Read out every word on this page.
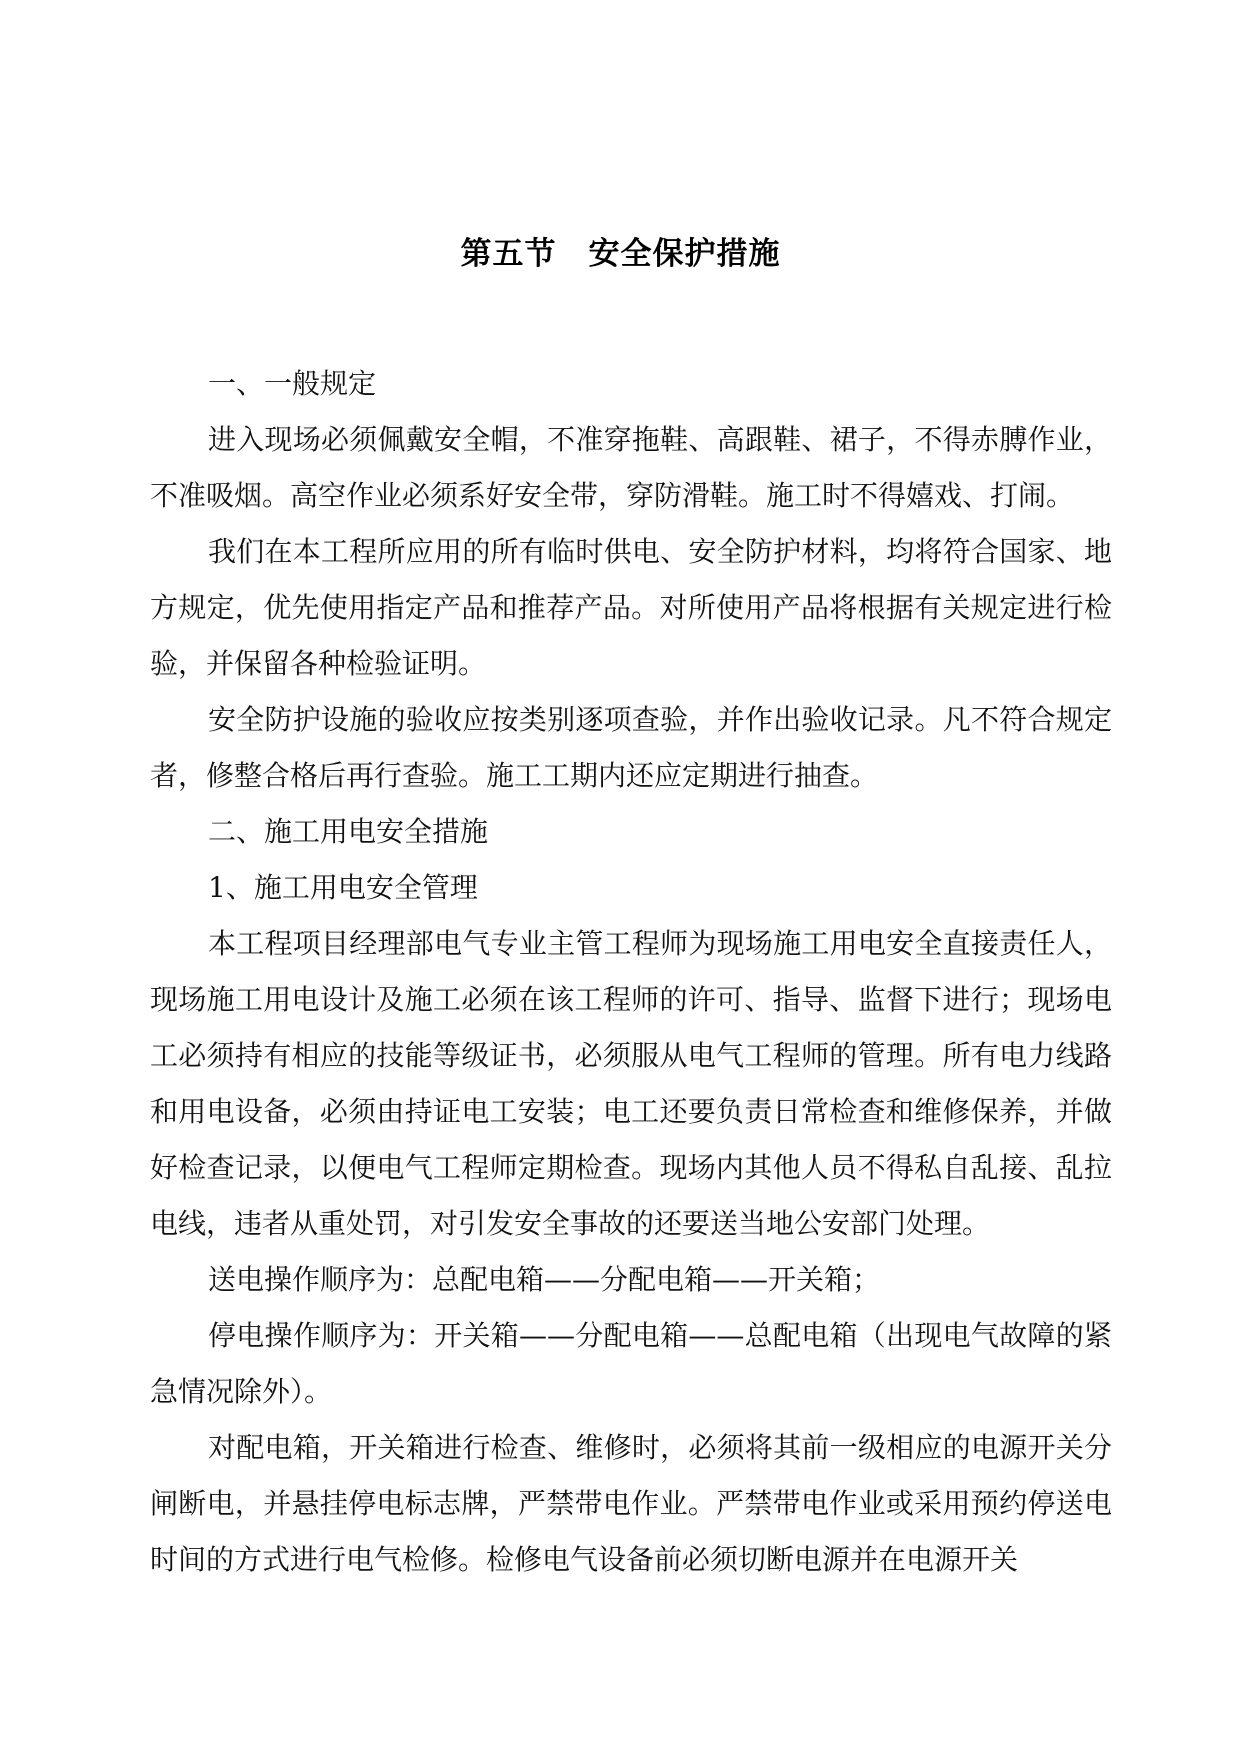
第五节　安全保护措施

一、一般规定

进入现场必须佩戴安全帽，不准穿拖鞋、高跟鞋、裙子，不得赤膊作业，不准吸烟。高空作业必须系好安全带，穿防滑鞋。施工时不得嬉戏、打闹。

我们在本工程所应用的所有临时供电、安全防护材料，均将符合国家、地方规定，优先使用指定产品和推荐产品。对所使用产品将根据有关规定进行检验，并保留各种检验证明。

安全防护设施的验收应按类别逐项查验，并作出验收记录。凡不符合规定者，修整合格后再行查验。施工工期内还应定期进行抽查。

二、施工用电安全措施

1、施工用电安全管理

本工程项目经理部电气专业主管工程师为现场施工用电安全直接责任人，现场施工用电设计及施工必须在该工程师的许可、指导、监督下进行；现场电工必须持有相应的技能等级证书，必须服从电气工程师的管理。所有电力线路和用电设备，必须由持证电工安装；电工还要负责日常检查和维修保养，并做好检查记录，以便电气工程师定期检查。现场内其他人员不得私自乱接、乱拉电线，违者从重处罚，对引发安全事故的还要送当地公安部门处理。

送电操作顺序为：总配电箱——分配电箱——开关箱；

停电操作顺序为：开关箱——分配电箱——总配电箱（出现电气故障的紧急情况除外）。

对配电箱，开关箱进行检查、维修时，必须将其前一级相应的电源开关分闸断电，并悬挂停电标志牌，严禁带电作业。严禁带电作业或采用预约停送电时间的方式进行电气检修。检修电气设备前必须切断电源并在电源开关
